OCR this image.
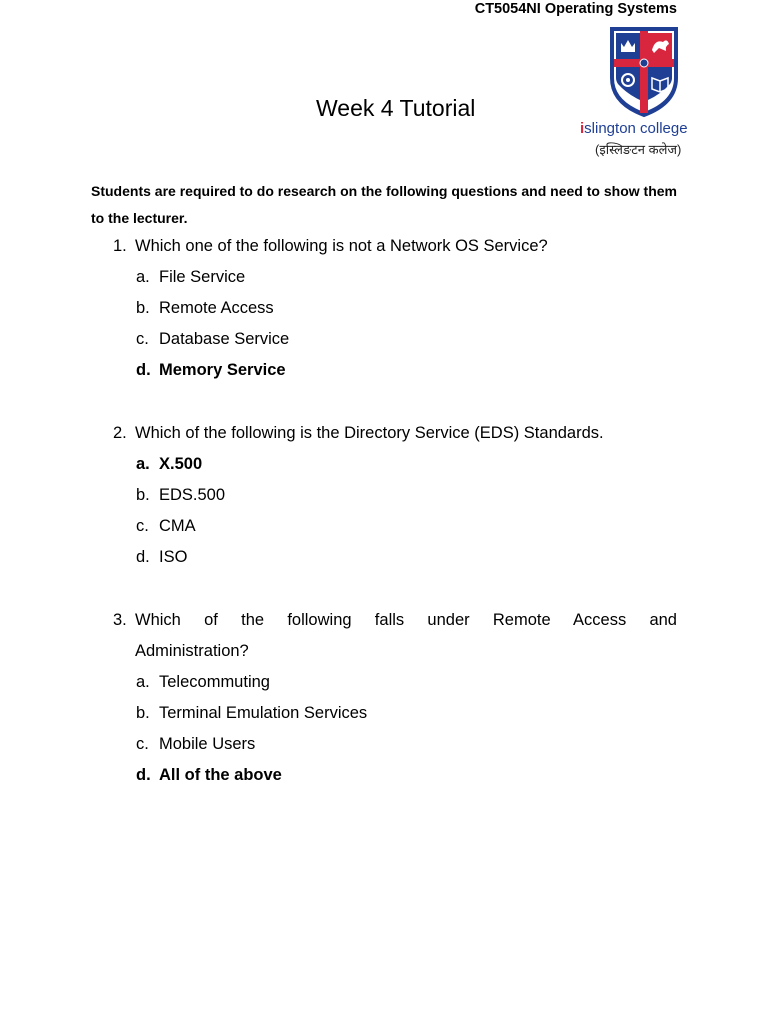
CT5054NI Operating Systems
Week 4 Tutorial
islington college
(इस्लिङटन कलेज)
Students are required to do research on the following questions and need to show them to the lecturer.
1. Which one of the following is not a Network OS Service?
a. File Service
b. Remote Access
c. Database Service
d. Memory Service
2. Which of the following is the Directory Service (EDS) Standards.
a. X.500
b. EDS.500
c. CMA
d. ISO
3. Which of the following falls under Remote Access and
Administration?
a. Telecommuting
b. Terminal Emulation Services
c. Mobile Users
d. All of the above
